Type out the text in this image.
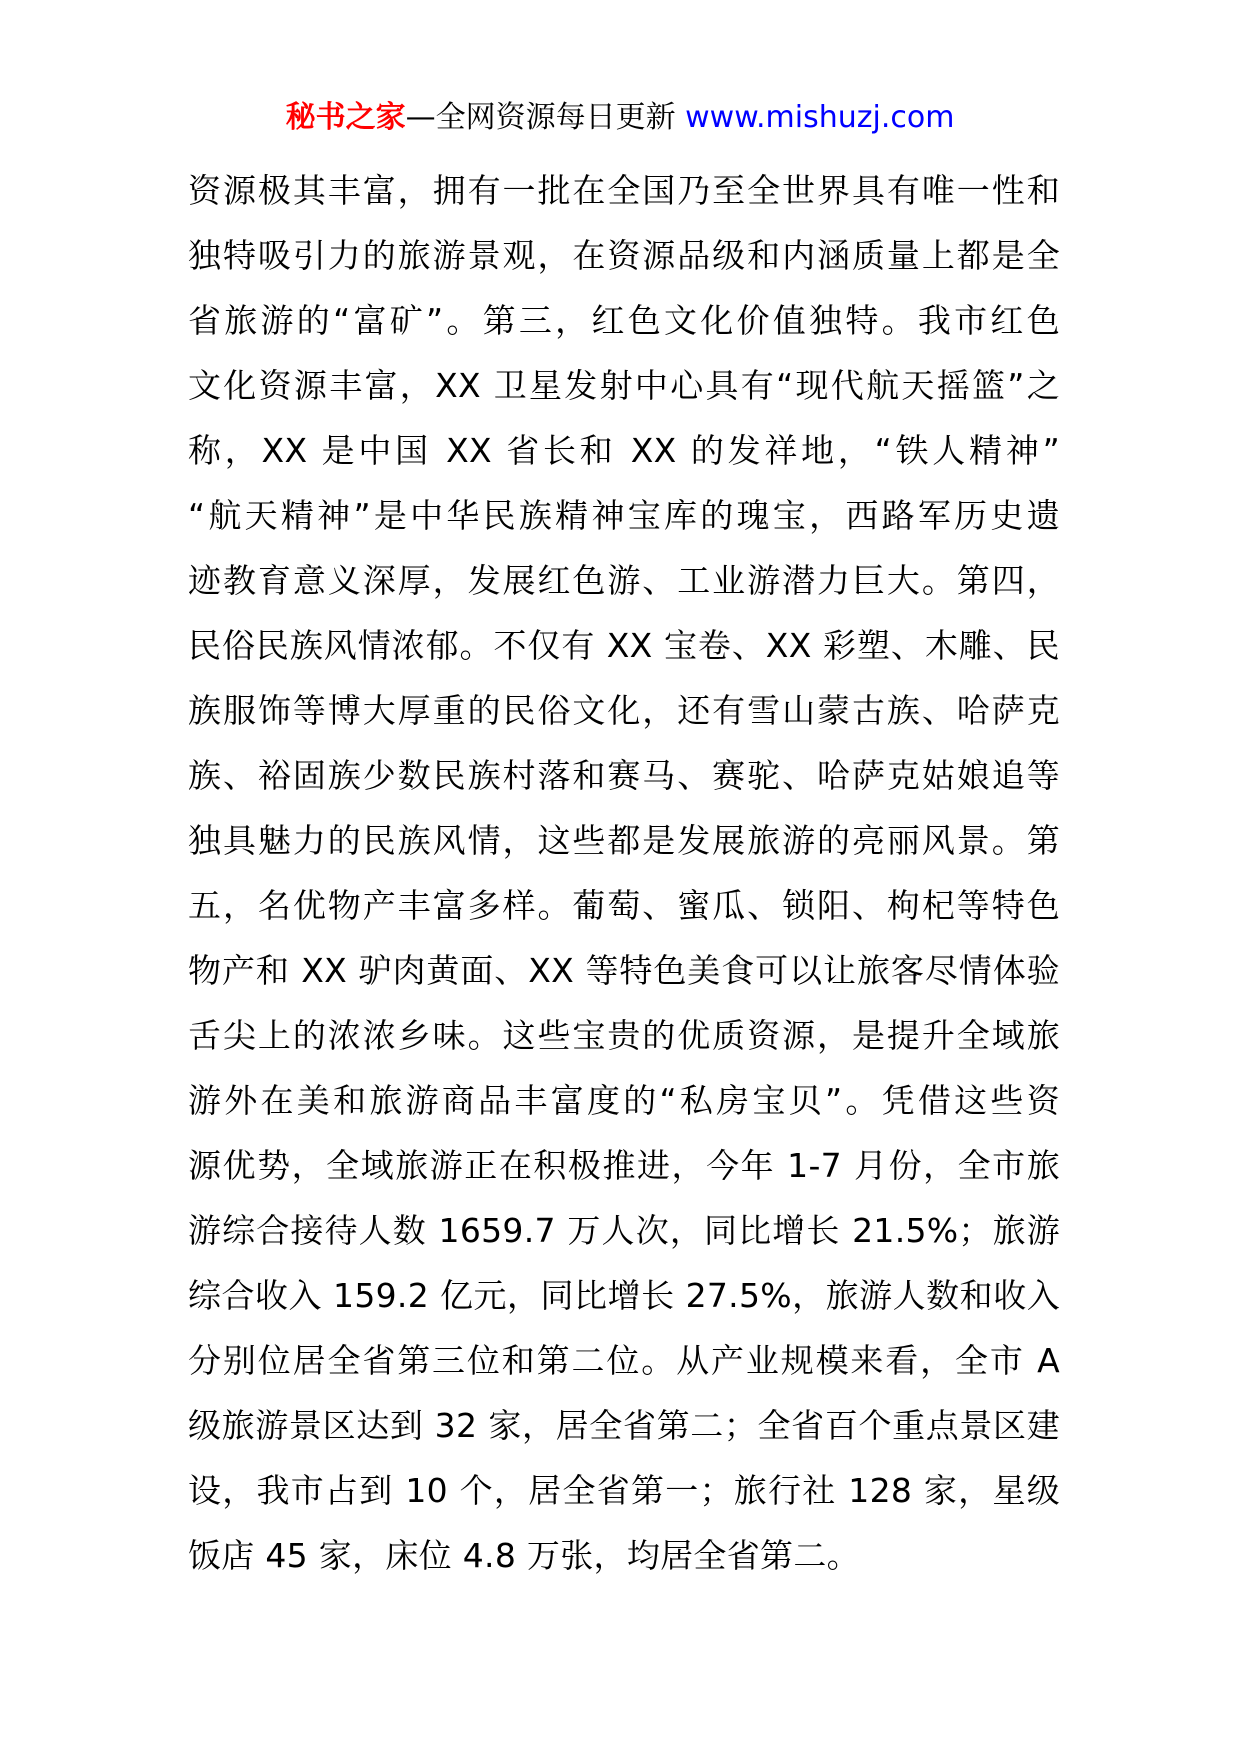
秘书之家—全网资源每日更新 www.mishuzj.com
资源极其丰富，拥有一批在全国乃至全世界具有唯一性和
独特吸引力的旅游景观，在资源品级和内涵质量上都是全
省旅游的“富矿”。第三，红色文化价值独特。我市红色
文化资源丰富，XX 卫星发射中心具有“现代航天摇篮”之
称，XX 是中国 XX 省长和 XX 的发祥地，“铁人精神”
“航天精神”是中华民族精神宝库的瑰宝，西路军历史遗
迹教育意义深厚，发展红色游、工业游潜力巨大。第四，
民俗民族风情浓郁。不仅有 XX 宝卷、XX 彩塑、木雕、民
族服饰等博大厚重的民俗文化，还有雪山蒙古族、哈萨克
族、裕固族少数民族村落和赛马、赛驼、哈萨克姑娘追等
独具魅力的民族风情，这些都是发展旅游的亮丽风景。第
五，名优物产丰富多样。葡萄、蜜瓜、锁阳、枸杞等特色
物产和 XX 驴肉黄面、XX 等特色美食可以让旅客尽情体验
舌尖上的浓浓乡味。这些宝贵的优质资源，是提升全域旅
游外在美和旅游商品丰富度的“私房宝贝”。凭借这些资
源优势，全域旅游正在积极推进，今年 1-7 月份，全市旅
游综合接待人数 1659.7 万人次，同比增长 21.5%；旅游
综合收入 159.2 亿元，同比增长 27.5%，旅游人数和收入
分别位居全省第三位和第二位。从产业规模来看，全市 A
级旅游景区达到 32 家，居全省第二；全省百个重点景区建
设，我市占到 10 个，居全省第一；旅行社 128 家，星级
饭店 45 家，床位 4.8 万张，均居全省第二。
